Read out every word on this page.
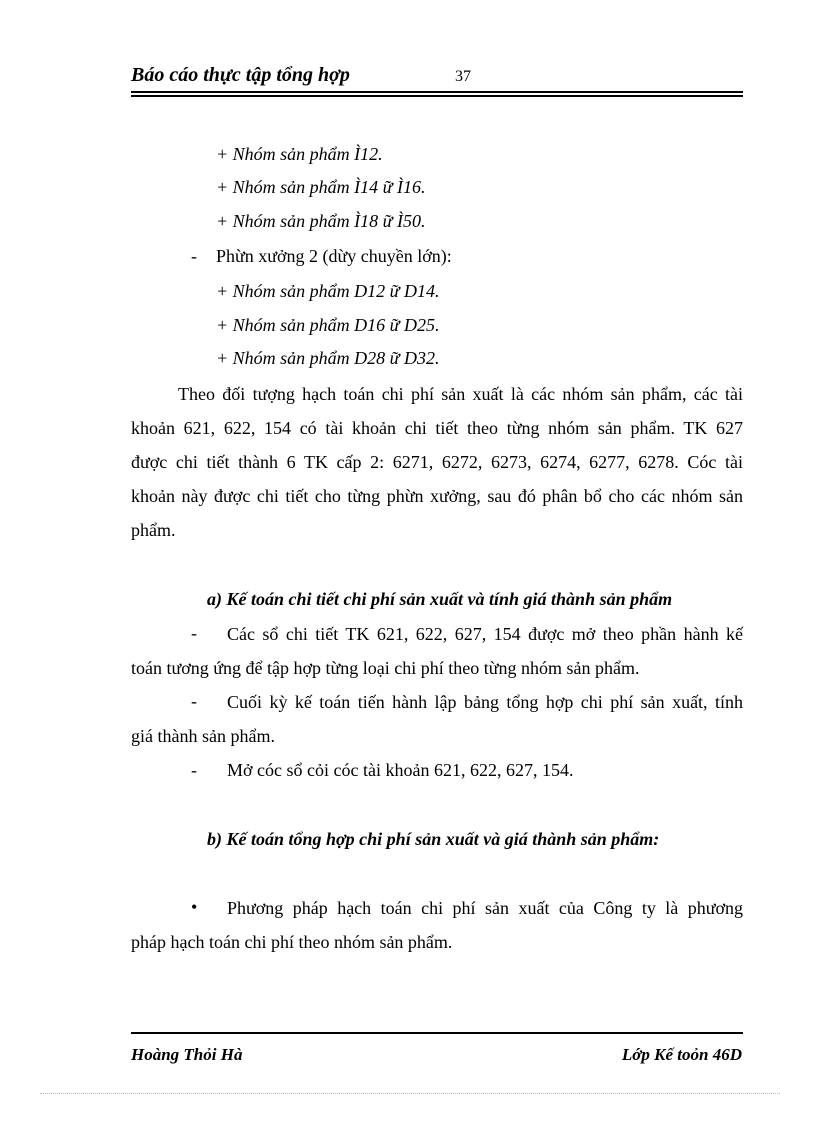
Báo cáo thực tập tổng hợp	37
+ Nhóm sản phẩm Ì12.
+ Nhóm sản phẩm Ì14 ữ Ì16.
+ Nhóm sản phẩm Ì18 ữ Ì50.
- Phừn xưởng 2 (dừy chuyền lớn):
+ Nhóm sản phẩm D12 ữ D14.
+ Nhóm sản phẩm D16 ữ D25.
+ Nhóm sản phẩm D28 ữ D32.
Theo đối tượng hạch toán chi phí sản xuất là các nhóm sản phẩm, các tài
khoản 621, 622, 154 có tài khoản chi tiết theo từng nhóm sản phẩm. TK 627
được chi tiết thành 6 TK cấp 2: 6271, 6272, 6273, 6274, 6277, 6278. Cóc tài
khoản này được chi tiết cho từng phừn xưởng, sau đó phân bổ cho các nhóm sản
phẩm.
a) Kế toán chi tiết chi phí sản xuất và tính giá thành sản phẩm
-	Các sổ chi tiết TK 621, 622, 627, 154 được mở theo phần hành kế
toán tương ứng để tập hợp từng loại chi phí theo từng nhóm sản phẩm.
-	Cuối kỳ kế toán tiến hành lập bảng tổng hợp chi phí sản xuất, tính
giá thành sản phẩm.
- Mở cóc sổ cỏi cóc tài khoản 621, 622, 627, 154.
b) Kế toán tổng hợp chi phí sản xuất và giá thành sản phẩm:
•	Phương pháp hạch toán chi phí sản xuất của Công ty là phương
pháp hạch toán chi phí theo nhóm sản phẩm.
Hoàng Thỏi Hà	Lớp Kế toỏn 46D
